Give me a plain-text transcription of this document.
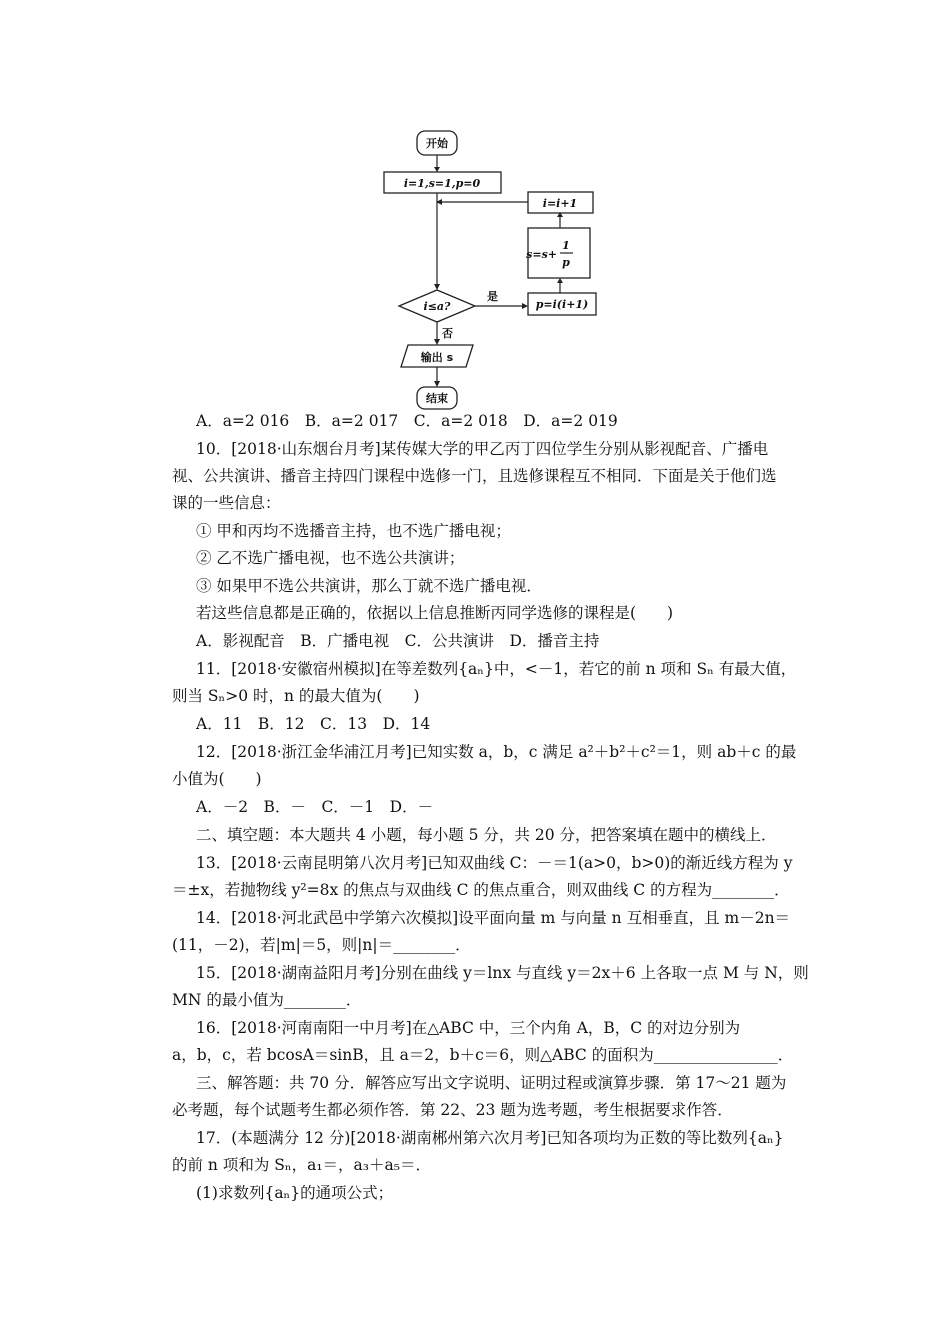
开始
i=1,s=1,p=0
i=i+1
s=s+
1
p
i≤a?
是
p=i(i+1)
否
输出 s
结束
A．a=2 016　B．a=2 017　C．a=2 018　D．a=2 019
10．[2018·山东烟台月考]某传媒大学的甲乙丙丁四位学生分别从影视配音、广播电
视、公共演讲、播音主持四门课程中选修一门，且选修课程互不相同．下面是关于他们选
课的一些信息：
① 甲和丙均不选播音主持，也不选广播电视；
② 乙不选广播电视，也不选公共演讲；
③ 如果甲不选公共演讲，那么丁就不选广播电视．
若这些信息都是正确的，依据以上信息推断丙同学选修的课程是(　　)
A．影视配音　B．广播电视　C．公共演讲　D．播音主持
11．[2018·安徽宿州模拟]在等差数列{aₙ}中，<－1，若它的前 n 项和 Sₙ 有最大值，
则当 Sₙ>0 时，n 的最大值为(　　)
A．11　B．12　C．13　D．14
12．[2018·浙江金华浦江月考]已知实数 a，b，c 满足 a²＋b²＋c²＝1，则 ab＋c 的最
小值为(　　)
A．－2　B．－　C．－1　D．－
二、填空题：本大题共 4 小题，每小题 5 分，共 20 分，把答案填在题中的横线上．
13．[2018·云南昆明第八次月考]已知双曲线 C：－＝1(a>0，b>0)的渐近线方程为 y
＝±x，若抛物线 y²=8x 的焦点与双曲线 C 的焦点重合，则双曲线 C 的方程为________．
14．[2018·河北武邑中学第六次模拟]设平面向量 m 与向量 n 互相垂直，且 m－2n＝
(11，－2)，若|m|＝5，则|n|＝________．
15．[2018·湖南益阳月考]分别在曲线 y＝lnx 与直线 y＝2x＋6 上各取一点 M 与 N，则
MN 的最小值为________．
16．[2018·河南南阳一中月考]在△ABC 中，三个内角 A，B，C 的对边分别为
a，b，c，若 bcosA＝sinB，且 a＝2，b＋c＝6，则△ABC 的面积为________________．
三、解答题：共 70 分．解答应写出文字说明、证明过程或演算步骤．第 17～21 题为
必考题，每个试题考生都必须作答．第 22、23 题为选考题，考生根据要求作答．
17．(本题满分 12 分)[2018·湖南郴州第六次月考]已知各项均为正数的等比数列{aₙ}
的前 n 项和为 Sₙ，a₁＝，a₃＋a₅＝．
(1)求数列{aₙ}的通项公式；
